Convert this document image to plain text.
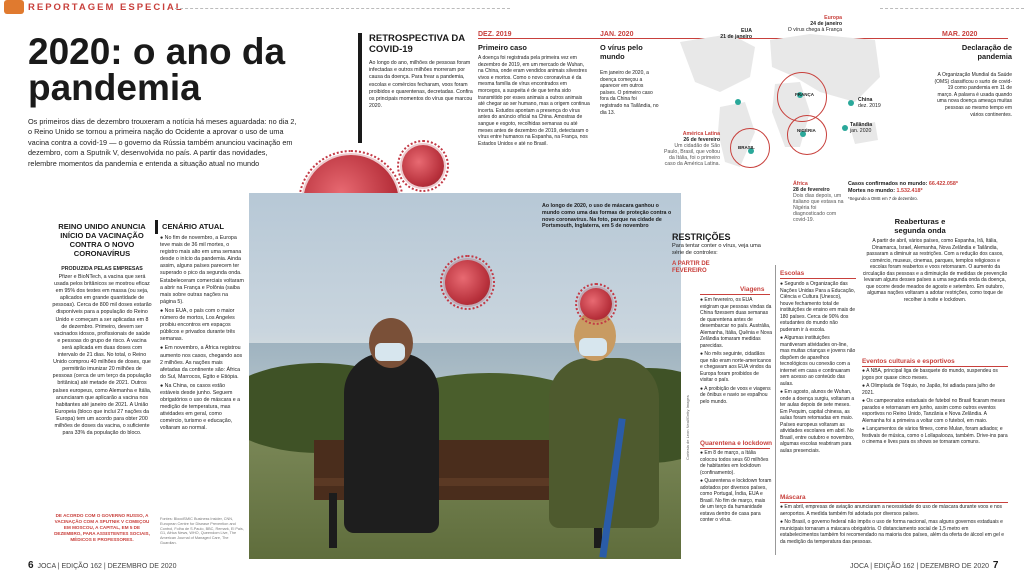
REPORTAGEM ESPECIAL
2020: o ano da pandemia

Os primeiros dias de dezembro trouxeram a notícia há meses aguardada: no dia 2, o Reino Unido se tornou a primeira nação do Ocidente a aprovar o uso de uma vacina contra a covid-19 — o governo da Rússia também anunciou vacinação em dezembro, com a Sputnik V, desenvolvida no país. A partir das novidades, relembre momentos da pandemia e entenda a situação atual no mundo

RETROSPECTIVA DA COVID-19

Ao longo do ano, milhões de pessoas foram infectadas e outros milhões morreram por causa da doença. Para frear a pandemia, escolas e comércios fecharam, voos foram proibidos e quarentenas, decretadas. Confira os principais momentos do vírus que marcou 2020.

DEZ. 2019
Primeiro caso

A doença foi registrada pela primeira vez em dezembro de 2019, em um mercado de Wuhan, na China, onde eram vendidos animais silvestres vivos e mortos. Como o novo coronavírus é da mesma família de vírus encontrados em morcegos, a suspeita é de que tenha sido transmitido por esses animais a outros animais até chegar ao ser humano, mas a origem continua incerta. Estudos apontam a presença do vírus antes do anúncio oficial na China. Amostras de sangue e esgoto, recolhidas semanas ou até meses antes de dezembro de 2019, detectaram o vírus entre humanos na Espanha, na França, nos Estados Unidos e até no Brasil.

JAN. 2020
O vírus pelo mundo

Em janeiro de 2020, a doença começou a aparecer em outros países. O primeiro caso fora da China foi registrado na Tailândia, no dia 13.

MAR. 2020
Declaração de pandemia

A Organização Mundial da Saúde (OMS) classificou o surto de covid-19 como pandemia em 11 de março. A palavra é usada quando uma nova doença ameaça muitas pessoas ao mesmo tempo em vários continentes.

FRANÇA
BRASIL
NIGÉRIA
Europa
24 de janeiro
O vírus chega à França
EUA
21 de janeiro
China
dez. 2019
Tailândia
jan. 2020
América Latina
26 de fevereiro
Um cidadão de São Paulo, Brasil, que voltou da Itália, foi o primeiro caso da América Latina.
África
28 de fevereiro
Dois dias depois, um italiano que estava na Nigéria foi diagnosticado com covid-19.
Casos confirmados no mundo: 66.422.058*
Mortes no mundo: 1.532.418*
*Segundo a OMS em 7 de dezembro.
REINO UNIDO ANUNCIA INÍCIO DA VACINAÇÃO CONTRA O NOVO CORONAVÍRUS
PRODUZIDA PELAS EMPRESAS

Pfizer e BioNTech, a vacina que será usada pelos britânicos se mostrou eficaz em 95% dos testes em massa (ou seja, aplicados em grande quantidade de pessoas). Cerca de 800 mil doses estarão disponíveis para a população do Reino Unido e começam a ser aplicadas em 8 de dezembro. Primeiro, devem ser vacinados idosos, profissionais de saúde e pessoas do grupo de risco. A vacina será aplicada em duas doses com intervalo de 21 dias. No total, o Reino Unido comprou 40 milhões de doses, que permitirão imunizar 20 milhões de pessoas (cerca de um terço da população britânica) até metade de 2021. Outros países europeus, como Alemanha e Itália, anunciaram que aplicarão a vacina nos habitantes até janeiro de 2021. A União Europeia (bloco que inclui 27 nações da Europa) tem um acordo para obter 200 milhões de doses da vacina, o suficiente para 33% da população do bloco.

DE ACORDO COM O GOVERNO RUSSO, A VACINAÇÃO COM A SPUTNIK V COMEÇOU EM MOSCOU, A CAPITAL, EM 5 DE DEZEMBRO, PARA ASSISTENTES SOCIAIS, MÉDICOS E PROFESSORES.

CENÁRIO ATUAL

● No fim de novembro, a Europa teve mais de 36 mil mortes, o registro mais alto em uma semana desde o início da pandemia. Ainda assim, alguns países parecem ter superado o pico da segunda onda. Estabeleceram comerciais voltaram a abrir na França e Polônia (saiba mais sobre outras nações na página 5).

● Nos EUA, o país com o maior número de mortos, Los Angeles proibiu encontros em espaços públicos e privados durante três semanas.

● Em novembro, a África registrou aumento nos casos, chegando aos 2 milhões. As nações mais afetadas da continente são: África do Sul, Marrocos, Egito e Etiópia.

● Na China, os casos estão estáveis desde junho. Seguem obrigatórios o uso de máscara e a medição de temperatura, mas atividades em geral, como comércio, turismo e educação, voltaram ao normal.

Fontes: BloodSMIC Business Insider, CNN, European Centre for Disease Prevention and Control, Folha de S.Paulo, BBC, Remark, El Pais, G1, Africa News, WHO, Queendom Live, The American Journal of Managed Care, The Guardian.

Ao longo de 2020, o uso de máscara ganhou o mundo como uma das formas de proteção contra o novo coronavírus. Na foto, parque na cidade de Portsmouth, Inglaterra, em 5 de novembro

Cortesia de Leon Neal/Getty Images
RESTRIÇÕES

Para tentar conter o vírus, veja uma série de controles:

A PARTIR DE FEVEREIRO
Viagens

● Em fevereiro, os EUA exigiram que pessoas vindas da China fizessem duas semanas de quarentena antes de desembarcar no país. Austrália, Alemanha, Itália, Quênia e Nova Zelândia tomaram medidas parecidas.

● No mês seguinte, cidadãos que não eram norte-americanos e chegavam aos EUA vindos da Europa foram proibidos de visitar o país.

● A proibição de voos e viagens de ônibus e navio se espalhou pelo mundo.

Quarentena e lockdown

● Em 8 de março, a Itália colocou todos seus 60 milhões de habitantes em lockdown (confinamento).

● Quarentena e lockdown foram adotados por diversos países, como Portugal, Índia, EUA e Brasil. No fim de março, mais de um terço da humanidade estava dentro de casa para conter o vírus.

Escolas

● Segundo a Organização das Nações Unidas Para a Educação, Ciência e Cultura (Unesco), houve fechamento total de instituições de ensino em mais de 180 países. Cerca de 90% dos estudantes do mundo não puderam ir à escola.

● Algumas instituições mantiveram atividades on-line, mas muitas crianças e jovens não dispõem de aparelhos tecnológicos ou conexão com a internet em casa e continuaram sem acesso ao conteúdo das aulas.

● Em agosto, alunos de Wuhan, onde a doença surgiu, voltaram a ter aulas depois de sete meses. Em Pequim, capital chinesa, as aulas foram retomadas em maio. Países europeus voltaram as atividades escolares em abril. No Brasil, entre outubro e novembro, algumas escolas reabriram para aulas presenciais.

Reaberturas e segunda onda

A partir de abril, vários países, como Espanha, Irã, Itália, Dinamarca, Israel, Alemanha, Nova Zelândia e Tailândia, passaram a diminuir as restrições. Com a redução dos casos, comércio, museus, cinemas, parques, templos religiosos e escolas foram reabertos e voos retornaram. O aumento da circulação das pessoas e a diminuição de medidas de prevenção levaram alguns desses países a uma segunda onda da doença, que ocorre desde meados de agosto e setembro. Em outubro, algumas nações voltaram a adotar restrições, como toque de recolher à noite e lockdown.

Eventos culturais e esportivos

● A NBA, principal liga de basquete do mundo, suspendeu os jogos por quase cinco meses.

● A Olimpíada de Tóquio, no Japão, foi adiada para julho de 2021.

● Os campeonatos estaduais de futebol no Brasil ficaram meses parados e retornaram em junho, assim como outros eventos esportivos no Reino Unido, Tanzânia e Nova Zelândia. A Alemanha foi a primeira a voltar com o futebol, em maio.

● Lançamentos de vários filmes, como Mulan, foram adiados; e festivais de música, como o Lollapalooza, também. Drive-ins para o cinema e lives para os shows se tornaram comuns.

Máscara

● Em abril, empresas de aviação anunciaram a necessidade do uso de máscara durante voos e nos aeroportos. A medida também foi adotada por diversos países.

● No Brasil, o governo federal não impôs o uso de forma nacional, mas alguns governos estaduais e municipais tornaram a máscara obrigatória. O distanciamento social de 1,5 metro em estabelecimentos também foi recomendado na maioria dos países, além da oferta de álcool em gel e da medição da temperatura das pessoas.

6 JOCA | EDIÇÃO 162 | DEZEMBRO DE 2020	JOCA | EDIÇÃO 162 | DEZEMBRO DE 2020 7
